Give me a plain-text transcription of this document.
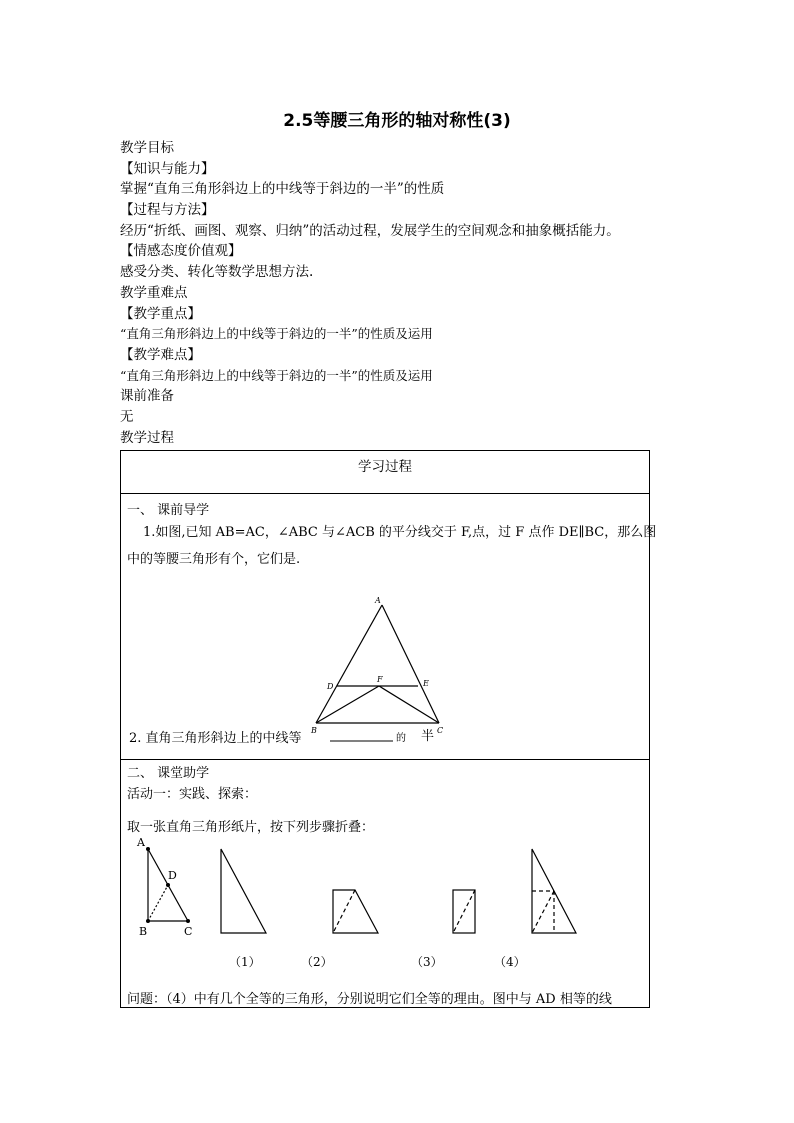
2.5等腰三角形的轴对称性(3)
教学目标
【知识与能力】
掌握“直角三角形斜边上的中线等于斜边的一半”的性质
【过程与方法】
经历“折纸、画图、观察、归纳”的活动过程，发展学生的空间观念和抽象概括能力。
【情感态度价值观】
感受分类、转化等数学思想方法.
教学重难点
【教学重点】
“直角三角形斜边上的中线等于斜边的一半”的性质及运用
【教学难点】
“直角三角形斜边上的中线等于斜边的一半”的性质及运用
课前准备
无
教学过程
学习过程
一、 课前导学
1.如图,已知 AB=AC，∠ABC 与∠ACB 的平分线交于 F,点，过 F 点作 DE∥BC，那么图
中的等腰三角形有个，它们是.
A
D	E
F
B	C
2. 直角三角形斜边上的中线等	的 半
二、 课堂助学
活动一：实践、探索：
取一张直角三角形纸片，按下列步骤折叠：
A
D
B	C
（1）	（2）	（3）	（4）
问题：（4）中有几个全等的三角形，分别说明它们全等的理由。图中与 AD 相等的线
